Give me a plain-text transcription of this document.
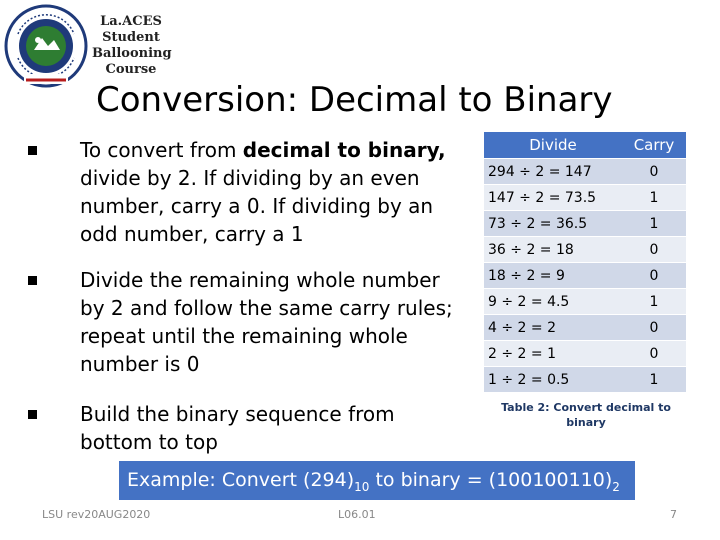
La.ACES
Student
Ballooning
Course
Conversion: Decimal to Binary
To convert from decimal to binary, divide by 2. If dividing by an even number, carry a 0. If dividing by an odd number, carry a 1
Divide the remaining whole number by 2 and follow the same carry rules; repeat until the remaining whole number is 0
Build the binary sequence from bottom to top
Divide	Carry
294 ÷ 2 = 147	0
147 ÷ 2 = 73.5	1
73 ÷ 2 = 36.5	1
36 ÷ 2 = 18	0
18 ÷ 2 = 9	0
9 ÷ 2 = 4.5	1
4 ÷ 2 = 2	0
2 ÷ 2 = 1	0
1 ÷ 2 = 0.5	1
Table 2: Convert decimal to binary
Example: Convert $(294)_{10}$ to binary = $(100100110)_2$
LSU rev20AUG2020	L06.01	7
